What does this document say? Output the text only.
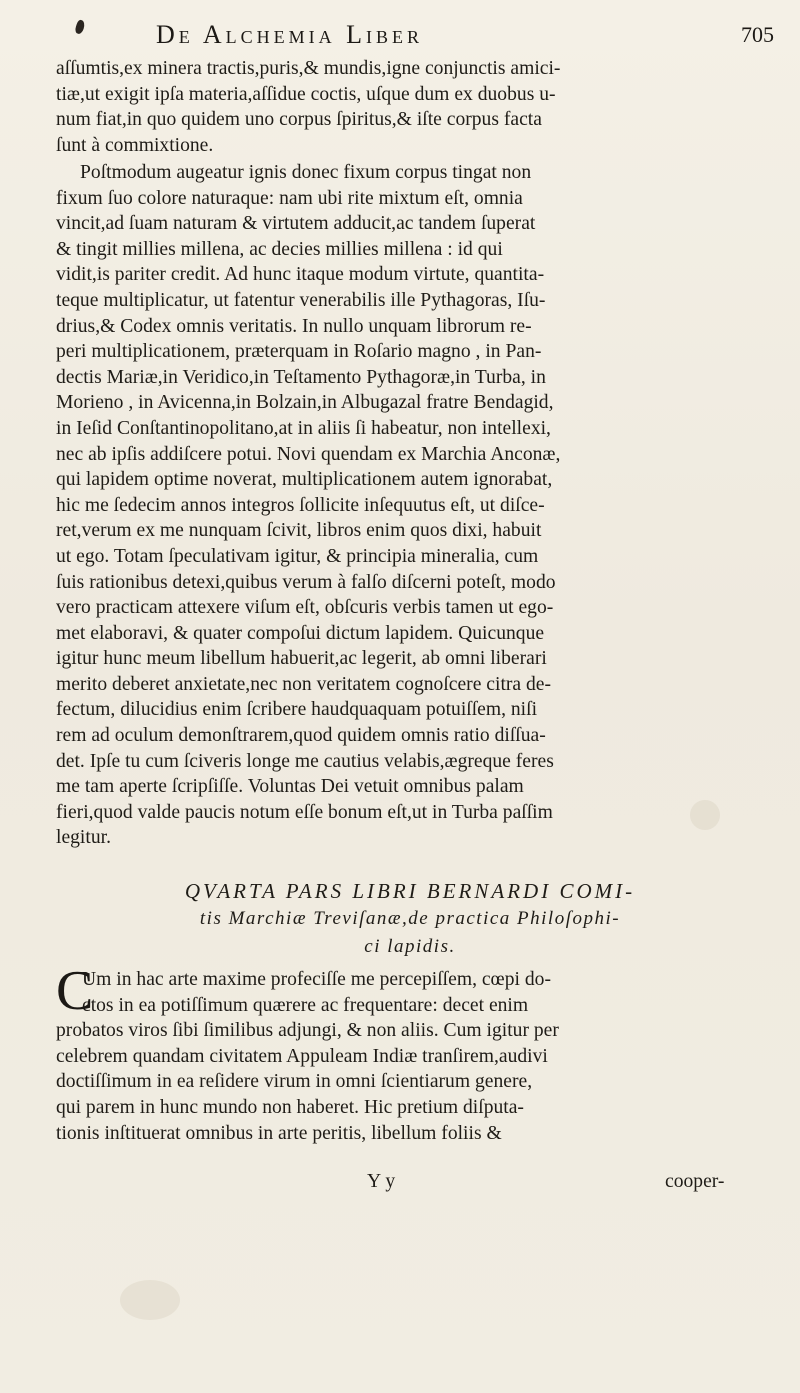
De Alchemia Liber	705

aſſumtis,ex minera tractis,puris,& mundis,igne conjunctis amici-
tiæ,ut exigit ipſa materia,aſſidue coctis, uſque dum ex duobus u-
num fiat,in quo quidem uno corpus ſpiritus,& iſte corpus facta
ſunt à commixtione.

Poſtmodum augeatur ignis donec fixum corpus tingat non
fixum ſuo colore naturaque: nam ubi rite mixtum eſt, omnia
vincit,ad ſuam naturam & virtutem adducit,ac tandem ſuperat
& tingit millies millena, ac decies millies millena : id qui
vidit,is pariter credit. Ad hunc itaque modum virtute, quantita-
teque multiplicatur, ut fatentur venerabilis ille Pythagoras, Iſu-
drius,& Codex omnis veritatis. In nullo unquam librorum re-
peri multiplicationem, præterquam in Roſario magno , in Pan-
dectis Mariæ,in Veridico,in Teſtamento Pythagoræ,in Turba, in
Morieno , in Avicenna,in Bolzain,in Albugazal fratre Bendagid,
in Ieſid Conſtantinopolitano,at in aliis ſi habeatur, non intellexi,
nec ab ipſis addiſcere potui. Novi quendam ex Marchia Anconæ,
qui lapidem optime noverat, multiplicationem autem ignorabat,
hic me ſedecim annos integros ſollicite inſequutus eſt, ut diſce-
ret,verum ex me nunquam ſcivit, libros enim quos dixi, habuit
ut ego. Totam ſpeculativam igitur, & principia mineralia, cum
ſuis rationibus detexi,quibus verum à falſo diſcerni poteſt, modo
vero practicam attexere viſum eſt, obſcuris verbis tamen ut ego-
met elaboravi, & quater compoſui dictum lapidem. Quicunque
igitur hunc meum libellum habuerit,ac legerit, ab omni liberari
merito deberet anxietate,nec non veritatem cognoſcere citra de-
fectum, dilucidius enim ſcribere haudquaquam potuiſſem, niſi
rem ad oculum demonſtrarem,quod quidem omnis ratio diſſua-
det. Ipſe tu cum ſciveris longe me cautius velabis,ægreque feres
me tam aperte ſcripſiſſe. Voluntas Dei vetuit omnibus palam
fieri,quod valde paucis notum eſſe bonum eſt,ut in Turba paſſim
legitur.

QVARTA PARS LIBRI BERNARDI COMI-
tis Marchiæ Treviſanæ,de practica Philoſophi-
ci lapidis.
C

Um in hac arte maxime profeciſſe me percepiſſem, cœpi do-
ctos in ea potiſſimum quærere ac frequentare: decet enim
probatos viros ſibi ſimilibus adjungi, & non aliis. Cum igitur per
celebrem quandam civitatem Appuleam Indiæ tranſirem,audivi
doctiſſimum in ea reſidere virum in omni ſcientiarum genere,
qui parem in hunc mundo non haberet. Hic pretium diſputa-
tionis inſtituerat omnibus in arte peritis, libellum foliis &

Y y	cooper-
